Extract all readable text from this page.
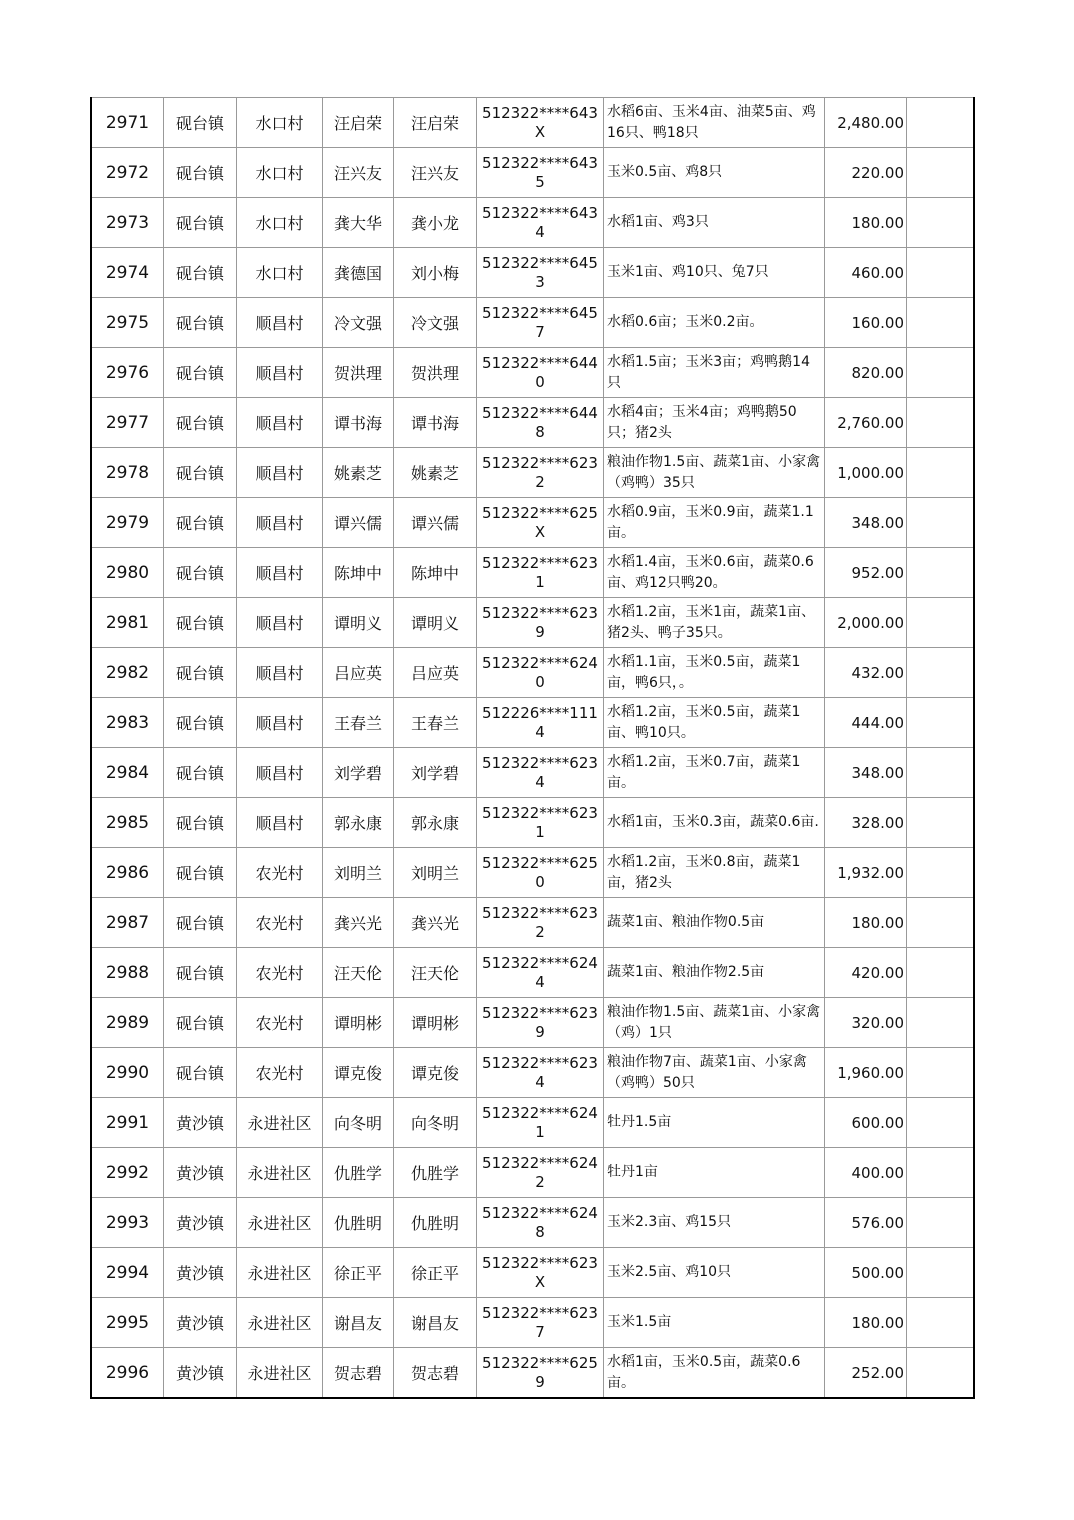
2971	砚台镇	水口村	汪启荣	汪启荣	512322****643X	水稻6亩、玉米4亩、油菜5亩、鸡16只、鸭18只	2,480.00	
2972	砚台镇	水口村	汪兴友	汪兴友	512322****6435	玉米0.5亩、鸡8只	220.00	
2973	砚台镇	水口村	龚大华	龚小龙	512322****6434	水稻1亩、鸡3只	180.00	
2974	砚台镇	水口村	龚德国	刘小梅	512322****6453	玉米1亩、鸡10只、兔7只	460.00	
2975	砚台镇	顺昌村	冷文强	冷文强	512322****6457	水稻0.6亩；玉米0.2亩。	160.00	
2976	砚台镇	顺昌村	贺洪理	贺洪理	512322****6440	水稻1.5亩；玉米3亩；鸡鸭鹅14只	820.00	
2977	砚台镇	顺昌村	谭书海	谭书海	512322****6448	水稻4亩；玉米4亩；鸡鸭鹅50只；猪2头	2,760.00	
2978	砚台镇	顺昌村	姚素芝	姚素芝	512322****6232	粮油作物1.5亩、蔬菜1亩、小家禽（鸡鸭）35只	1,000.00	
2979	砚台镇	顺昌村	谭兴儒	谭兴儒	512322****625X	水稻0.9亩，玉米0.9亩，蔬菜1.1亩。	348.00	
2980	砚台镇	顺昌村	陈坤中	陈坤中	512322****6231	水稻1.4亩，玉米0.6亩，蔬菜0.6亩、鸡12只鸭20。	952.00	
2981	砚台镇	顺昌村	谭明义	谭明义	512322****6239	水稻1.2亩，玉米1亩，蔬菜1亩、猪2头、鸭子35只。	2,000.00	
2982	砚台镇	顺昌村	吕应英	吕应英	512322****6240	水稻1.1亩，玉米0.5亩，蔬菜1亩，鸭6只，。	432.00	
2983	砚台镇	顺昌村	王春兰	王春兰	512226****1114	水稻1.2亩，玉米0.5亩，蔬菜1亩、鸭10只。	444.00	
2984	砚台镇	顺昌村	刘学碧	刘学碧	512322****6234	水稻1.2亩，玉米0.7亩，蔬菜1亩。	348.00	
2985	砚台镇	顺昌村	郭永康	郭永康	512322****6231	水稻1亩，玉米0.3亩，蔬菜0.6亩.	328.00	
2986	砚台镇	农光村	刘明兰	刘明兰	512322****6250	水稻1.2亩，玉米0.8亩，蔬菜1亩，猪2头	1,932.00	
2987	砚台镇	农光村	龚兴光	龚兴光	512322****6232	蔬菜1亩、粮油作物0.5亩	180.00	
2988	砚台镇	农光村	汪天伦	汪天伦	512322****6244	蔬菜1亩、粮油作物2.5亩	420.00	
2989	砚台镇	农光村	谭明彬	谭明彬	512322****6239	粮油作物1.5亩、蔬菜1亩、小家禽（鸡）1只	320.00	
2990	砚台镇	农光村	谭克俊	谭克俊	512322****6234	粮油作物7亩、蔬菜1亩、小家禽（鸡鸭）50只	1,960.00	
2991	黄沙镇	永进社区	向冬明	向冬明	512322****6241	牡丹1.5亩	600.00	
2992	黄沙镇	永进社区	仇胜学	仇胜学	512322****6242	牡丹1亩	400.00	
2993	黄沙镇	永进社区	仇胜明	仇胜明	512322****6248	玉米2.3亩、鸡15只	576.00	
2994	黄沙镇	永进社区	徐正平	徐正平	512322****623X	玉米2.5亩、鸡10只	500.00	
2995	黄沙镇	永进社区	谢昌友	谢昌友	512322****6237	玉米1.5亩	180.00	
2996	黄沙镇	永进社区	贺志碧	贺志碧	512322****6259	水稻1亩，玉米0.5亩，蔬菜0.6亩。	252.00	
